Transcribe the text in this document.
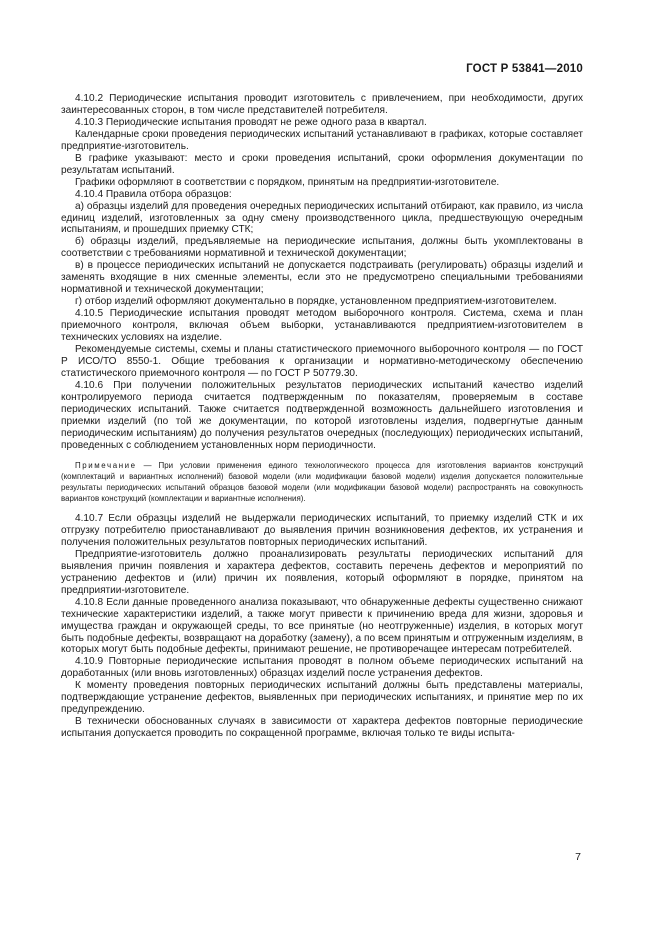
ГОСТ Р 53841—2010

4.10.2 Периодические испытания проводит изготовитель с привлечением, при необходимости, других заинтересованных сторон, в том числе представителей потребителя.

4.10.3 Периодические испытания проводят не реже одного раза в квартал.

Календарные сроки проведения периодических испытаний устанавливают в графиках, которые составляет предприятие-изготовитель.

В графике указывают: место и сроки проведения испытаний, сроки оформления документации по результатам испытаний.

Графики оформляют в соответствии с порядком, принятым на предприятии-изготовителе.

4.10.4 Правила отбора образцов:

а) образцы изделий для проведения очередных периодических испытаний отбирают, как правило, из числа единиц изделий, изготовленных за одну смену производственного цикла, предшествующую очередным испытаниям, и прошедших приемку СТК;

б) образцы изделий, предъявляемые на периодические испытания, должны быть укомплектованы в соответствии с требованиями нормативной и технической документации;

в) в процессе периодических испытаний не допускается подстраивать (регулировать) образцы изделий и заменять входящие в них сменные элементы, если это не предусмотрено специальными требованиями нормативной и технической документации;

г) отбор изделий оформляют документально в порядке, установленном предприятием-изготовителем.

4.10.5 Периодические испытания проводят методом выборочного контроля. Система, схема и план приемочного контроля, включая объем выборки, устанавливаются предприятием-изготовителем в технических условиях на изделие.

Рекомендуемые системы, схемы и планы статистического приемочного выборочного контроля — по ГОСТ Р ИСО/ТО 8550-1. Общие требования к организации и нормативно-методическому обеспечению статистического приемочного контроля — по ГОСТ Р 50779.30.

4.10.6 При получении положительных результатов периодических испытаний качество изделий контролируемого периода считается подтвержденным по показателям, проверяемым в составе периодических испытаний. Также считается подтвержденной возможность дальнейшего изготовления и приемки изделий (по той же документации, по которой изготовлены изделия, подвергнутые данным периодическим испытаниям) до получения результатов очередных (последующих) периодических испытаний, проведенных с соблюдением установленных норм периодичности.

Примечание — При условии применения единого технологического процесса для изготовления вариантов конструкций (комплектаций и вариантных исполнений) базовой модели (или модификации базовой модели) изделия допускается положительные результаты периодических испытаний образцов базовой модели (или модификации базовой модели) распространять на совокупность вариантов конструкций (комплектации и вариантные исполнения).

4.10.7 Если образцы изделий не выдержали периодических испытаний, то приемку изделий СТК и их отгрузку потребителю приостанавливают до выявления причин возникновения дефектов, их устранения и получения положительных результатов повторных периодических испытаний.

Предприятие-изготовитель должно проанализировать результаты периодических испытаний для выявления причин появления и характера дефектов, составить перечень дефектов и мероприятий по устранению дефектов и (или) причин их появления, который оформляют в порядке, принятом на предприятии-изготовителе.

4.10.8 Если данные проведенного анализа показывают, что обнаруженные дефекты существенно снижают технические характеристики изделий, а также могут привести к причинению вреда для жизни, здоровья и имущества граждан и окружающей среды, то все принятые (но неотгруженные) изделия, в которых могут быть подобные дефекты, возвращают на доработку (замену), а по всем принятым и отгруженным изделиям, в которых могут быть подобные дефекты, принимают решение, не противоречащее интересам потребителей.

4.10.9 Повторные периодические испытания проводят в полном объеме периодических испытаний на доработанных (или вновь изготовленных) образцах изделий после устранения дефектов.

К моменту проведения повторных периодических испытаний должны быть представлены материалы, подтверждающие устранение дефектов, выявленных при периодических испытаниях, и принятие мер по их предупреждению.

В технически обоснованных случаях в зависимости от характера дефектов повторные периодические испытания допускается проводить по сокращенной программе, включая только те виды испыта-

7
